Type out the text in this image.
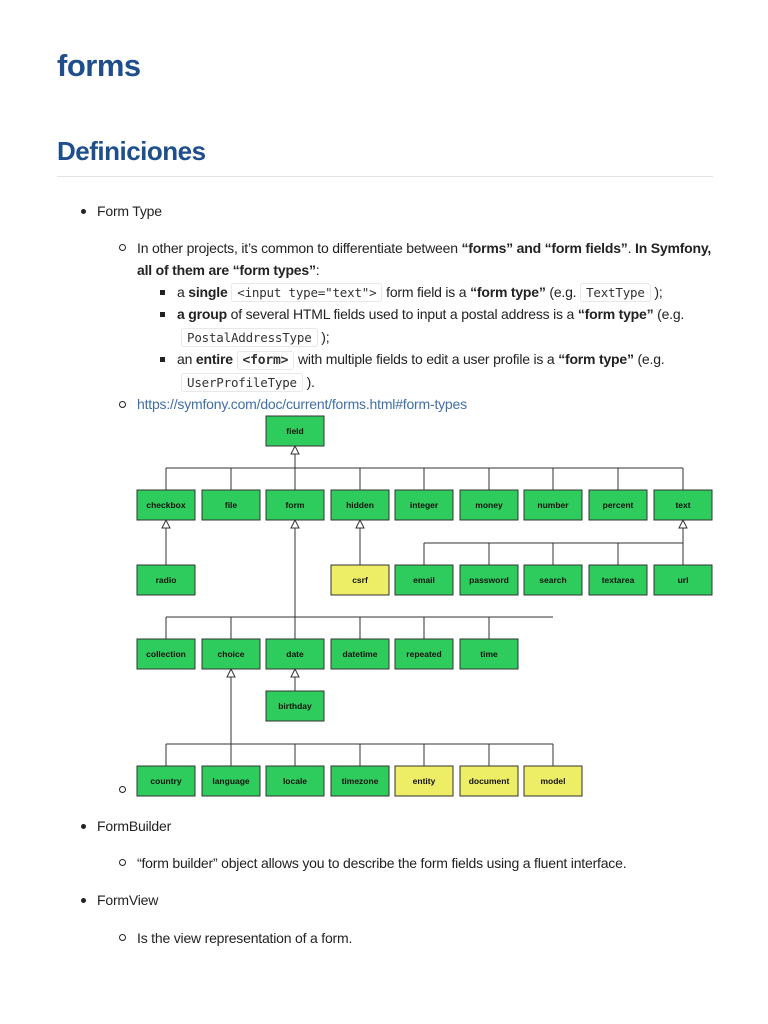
forms
Definiciones
Form Type
In other projects, it’s common to differentiate between “forms” and “form fields”. In Symfony,
all of them are “form types”:
a single <input type="text"> form field is a “form type” (e.g. TextType );
a group of several HTML fields used to input a postal address is a “form type” (e.g.
PostalAddressType );
an entire <form> with multiple fields to edit a user profile is a “form type” (e.g.
UserProfileType ).
https://symfony.com/doc/current/forms.html#form-types
field
checkbox	file	form	hidden	integer	money	number	percent	text
radio	csrf	email	password	search	textarea	url
collection	choice	date	datetime	repeated	time
birthday
country	language	locale	timezone	entity	document	model
FormBuilder
“form builder” object allows you to describe the form fields using a fluent interface.
FormView
Is the view representation of a form.
